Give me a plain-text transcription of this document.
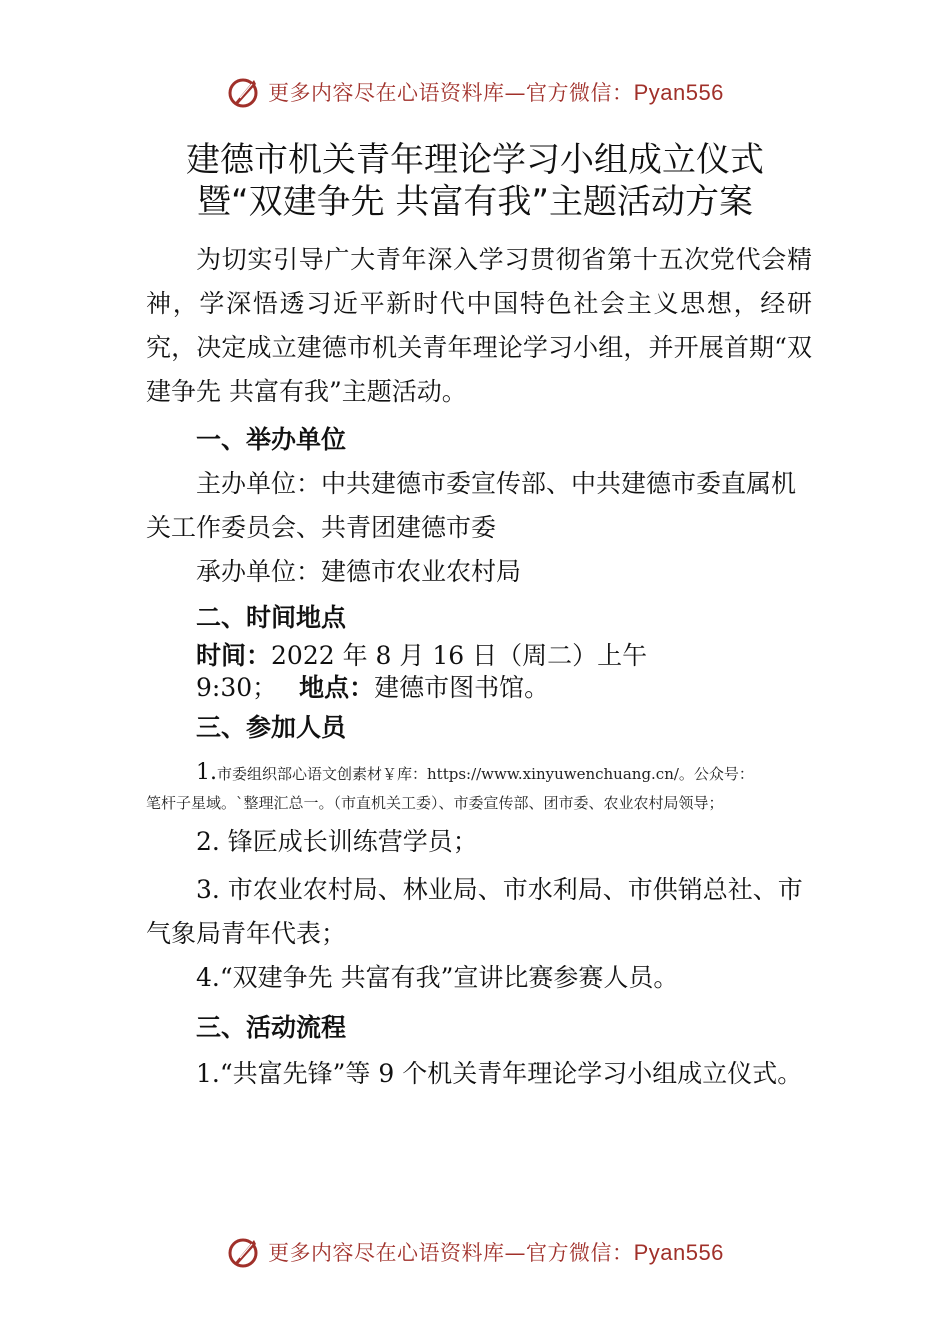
更多内容尽在心语资料库—官方微信：Pyan556
建德市机关青年理论学习小组成立仪式
暨“双建争先 共富有我”主题活动方案
为切实引导广大青年深入学习贯彻省第十五次党代会精神，学深悟透习近平新时代中国特色社会主义思想，经研究，决定成立建德市机关青年理论学习小组，并开展首期“双建争先 共富有我”主题活动。
一、举办单位
主办单位：中共建德市委宣传部、中共建德市委直属机
关工作委员会、共青团建德市委
承办单位：建德市农业农村局
二、时间地点
时间：2022 年 8 月 16 日（周二）上午
9:30； 地点：建德市图书馆。
三、参加人员
1.市委组织部心语文创素材￥库：https://www.xinyuwenchuang.cn/。公众号：
笔杆子星域。`整理汇总一。（市直机关工委）、市委宣传部、团市委、农业农村局领导；
2. 锋匠成长训练营学员；
3. 市农业农村局、林业局、市水利局、市供销总社、市
气象局青年代表；
4.“双建争先 共富有我”宣讲比赛参赛人员。
三、活动流程
1.“共富先锋”等 9 个机关青年理论学习小组成立仪式。
更多内容尽在心语资料库—官方微信：Pyan556
